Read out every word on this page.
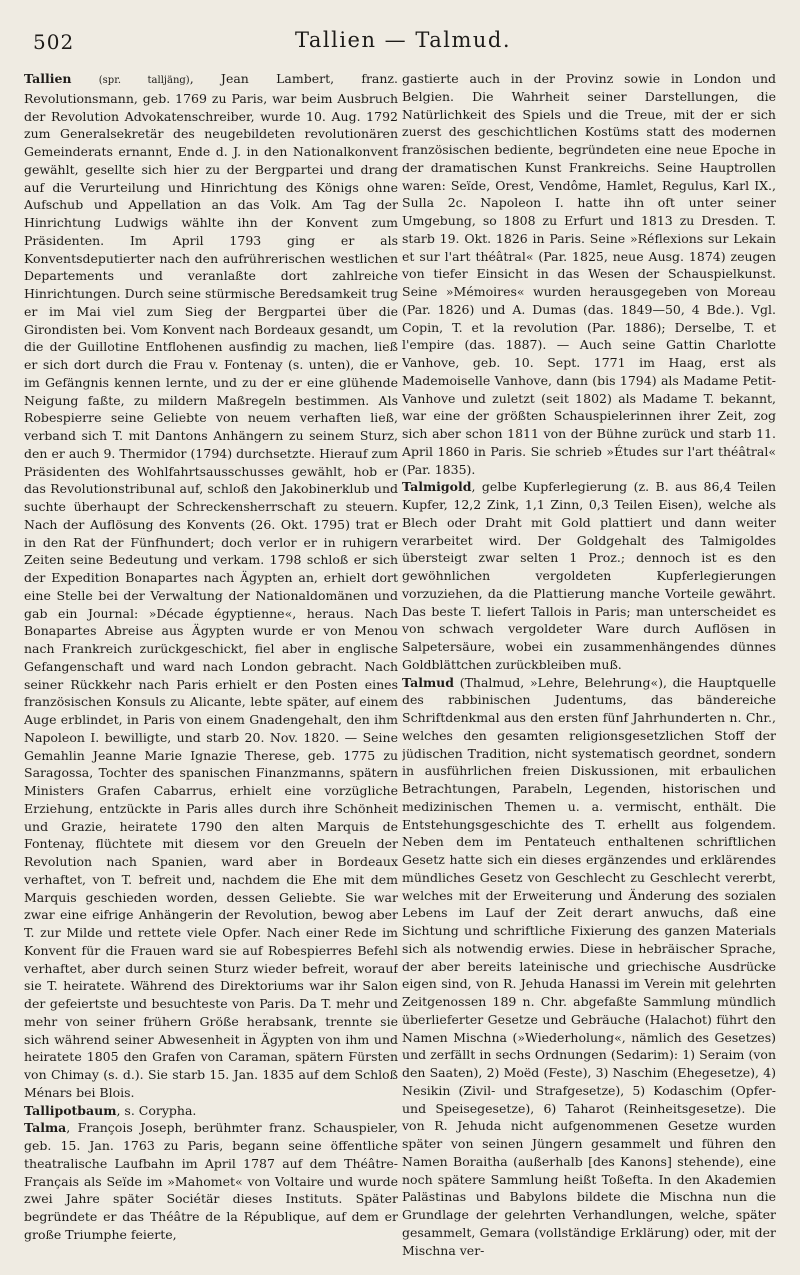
502	Tallien — Talmud.

Tallien	(spr. talljäng), Jean Lambert, franz. Revolutionsmann, geb. 1769 zu Paris, war beim Ausbruch der Revolution Advokatenschreiber, wurde 10. Aug. 1792 zum Generalsekretär des neugebildeten revolutionären Gemeinderats ernannt, Ende d. J. in den Nationalkonvent gewählt, gesellte sich hier zu der Bergpartei und drang auf die Verurteilung und Hinrichtung des Königs ohne Aufschub und Appellation an das Volk. Am Tag der Hinrichtung Ludwigs wählte ihn der Konvent zum Präsidenten. Im April 1793 ging er als Konventsdeputierter nach den aufrührerischen westlichen Departements und veranlaßte dort zahlreiche Hinrichtungen. Durch seine stürmische Beredsamkeit trug er im Mai viel zum Sieg der Bergpartei über die Girondisten bei. Vom Konvent nach Bordeaux gesandt, um die der Guillotine Entflohenen ausfindig zu machen, ließ er sich dort durch die Frau v. Fontenay (s. unten), die er im Gefängnis kennen lernte, und zu der er eine glühende Neigung faßte, zu mildern Maßregeln bestimmen. Als Robespierre seine Geliebte von neuem verhaften ließ, verband sich T. mit Dantons Anhängern zu seinem Sturz, den er auch 9. Thermidor (1794) durchsetzte. Hierauf zum Präsidenten des Wohlfahrtsausschusses gewählt, hob er das Revolutionstribunal auf, schloß den Jakobinerklub und suchte überhaupt der Schreckensherrschaft zu steuern. Nach der Auflösung des Konvents (26. Okt. 1795) trat er in den Rat der Fünfhundert; doch verlor er in ruhigern Zeiten seine Bedeutung und verkam. 1798 schloß er sich der Expedition Bonapartes nach Ägypten an, erhielt dort eine Stelle bei der Verwaltung der Nationaldomänen und gab ein Journal: »Décade égyptienne«, heraus. Nach Bonapartes Abreise aus Ägypten wurde er von Menou nach Frankreich zurückgeschickt, fiel aber in englische Gefangenschaft und ward nach London gebracht. Nach seiner Rückkehr nach Paris erhielt er den Posten eines französischen Konsuls zu Alicante, lebte später, auf einem Auge erblindet, in Paris von einem Gnadengehalt, den ihm Napoleon I. bewilligte, und starb 20. Nov. 1820. — Seine Gemahlin Jeanne Marie Ignazie Therese, geb. 1775 zu Saragossa, Tochter des spanischen Finanzmanns, spätern Ministers Grafen Cabarrus, erhielt eine vorzügliche Erziehung, entzückte in Paris alles durch ihre Schönheit und Grazie, heiratete 1790 den alten Marquis de Fontenay, flüchtete mit diesem vor den Greueln der Revolution nach Spanien, ward aber in Bordeaux verhaftet, von T. befreit und, nachdem die Ehe mit dem Marquis geschieden worden, dessen Geliebte. Sie war zwar eine eifrige Anhängerin der Revolution, bewog aber T. zur Milde und rettete viele Opfer. Nach einer Rede im Konvent für die Frauen ward sie auf Robespierres Befehl verhaftet, aber durch seinen Sturz wieder befreit, worauf sie T. heiratete. Während des Direktoriums war ihr Salon der gefeiertste und besuchteste von Paris. Da T. mehr und mehr von seiner frühern Größe herabsank, trennte sie sich während seiner Abwesenheit in Ägypten von ihm und heiratete 1805 den Grafen von Caraman, spätern Fürsten von Chimay (s. d.). Sie starb 15. Jan. 1835 auf dem Schloß Ménars bei Blois.

Tallipotbaum, s. Corypha.

Talma, François Joseph, berühmter franz. Schauspieler, geb. 15. Jan. 1763 zu Paris, begann seine öffentliche theatralische Laufbahn im April 1787 auf dem Théâtre-Français als Seïde im »Mahomet« von Voltaire und wurde zwei Jahre später Sociétär dieses Instituts. Später begründete er das Théâtre de la République, auf dem er große Triumphe feierte,

gastierte auch in der Provinz sowie in London und Belgien. Die Wahrheit seiner Darstellungen, die Natürlichkeit des Spiels und die Treue, mit der er sich zuerst des geschichtlichen Kostüms statt des modernen französischen bediente, begründeten eine neue Epoche in der dramatischen Kunst Frankreichs. Seine Hauptrollen waren: Seïde, Orest, Vendôme, Hamlet, Regulus, Karl IX., Sulla 2c. Napoleon I. hatte ihn oft unter seiner Umgebung, so 1808 zu Erfurt und 1813 zu Dresden. T. starb 19. Okt. 1826 in Paris. Seine »Réflexions sur Lekain et sur l'art théâtral« (Par. 1825, neue Ausg. 1874) zeugen von tiefer Einsicht in das Wesen der Schauspielkunst. Seine »Mémoires« wurden herausgegeben von Moreau (Par. 1826) und A. Dumas (das. 1849—50, 4 Bde.). Vgl. Copin, T. et la revolution (Par. 1886); Derselbe, T. et l'empire (das. 1887). — Auch seine Gattin Charlotte Vanhove, geb. 10. Sept. 1771 im Haag, erst als Mademoiselle Vanhove, dann (bis 1794) als Madame Petit-Vanhove und zuletzt (seit 1802) als Madame T. bekannt, war eine der größten Schauspielerinnen ihrer Zeit, zog sich aber schon 1811 von der Bühne zurück und starb 11. April 1860 in Paris. Sie schrieb »Études sur l'art théâtral« (Par. 1835).

Talmigold, gelbe Kupferlegierung (z. B. aus 86,4 Teilen Kupfer, 12,2 Zink, 1,1 Zinn, 0,3 Teilen Eisen), welche als Blech oder Draht mit Gold plattiert und dann weiter verarbeitet wird. Der Goldgehalt des Talmigoldes übersteigt zwar selten 1 Proz.; dennoch ist es den gewöhnlichen vergoldeten Kupferlegierungen vorzuziehen, da die Plattierung manche Vorteile gewährt. Das beste T. liefert Tallois in Paris; man unterscheidet es von schwach vergoldeter Ware durch Auflösen in Salpetersäure, wobei ein zusammenhängendes dünnes Goldblättchen zurückbleiben muß.

Talmud (Thalmud, »Lehre, Belehrung«), die Hauptquelle des rabbinischen Judentums, das bändereiche Schriftdenkmal aus den ersten fünf Jahrhunderten n. Chr., welches den gesamten religionsgesetzlichen Stoff der jüdischen Tradition, nicht systematisch geordnet, sondern in ausführlichen freien Diskussionen, mit erbaulichen Betrachtungen, Parabeln, Legenden, historischen und medizinischen Themen u. a. vermischt, enthält. Die Entstehungsgeschichte des T. erhellt aus folgendem. Neben dem im Pentateuch enthaltenen schriftlichen Gesetz hatte sich ein dieses ergänzendes und erklärendes mündliches Gesetz von Geschlecht zu Geschlecht vererbt, welches mit der Erweiterung und Änderung des sozialen Lebens im Lauf der Zeit derart anwuchs, daß eine Sichtung und schriftliche Fixierung des ganzen Materials sich als notwendig erwies. Diese in hebräischer Sprache, der aber bereits lateinische und griechische Ausdrücke eigen sind, von R. Jehuda Hanassi im Verein mit gelehrten Zeitgenossen 189 n. Chr. abgefaßte Sammlung mündlich überlieferter Gesetze und Gebräuche (Halachot) führt den Namen Mischna (»Wiederholung«, nämlich des Gesetzes) und zerfällt in sechs Ordnungen (Sedarim): 1) Seraim (von den Saaten), 2) Moëd (Feste), 3) Naschim (Ehegesetze), 4) Nesikin (Zivil- und Strafgesetze), 5) Kodaschim (Opfer- und Speisegesetze), 6) Taharot (Reinheitsgesetze). Die von R. Jehuda nicht aufgenommenen Gesetze wurden später von seinen Jüngern gesammelt und führen den Namen Boraitha (außerhalb [des Kanons] stehende), eine noch spätere Sammlung heißt Toßefta. In den Akademien Palästinas und Babylons bildete die Mischna nun die Grundlage der gelehrten Verhandlungen, welche, später gesammelt, Gemara (vollständige Erklärung) oder, mit der Mischna ver-
